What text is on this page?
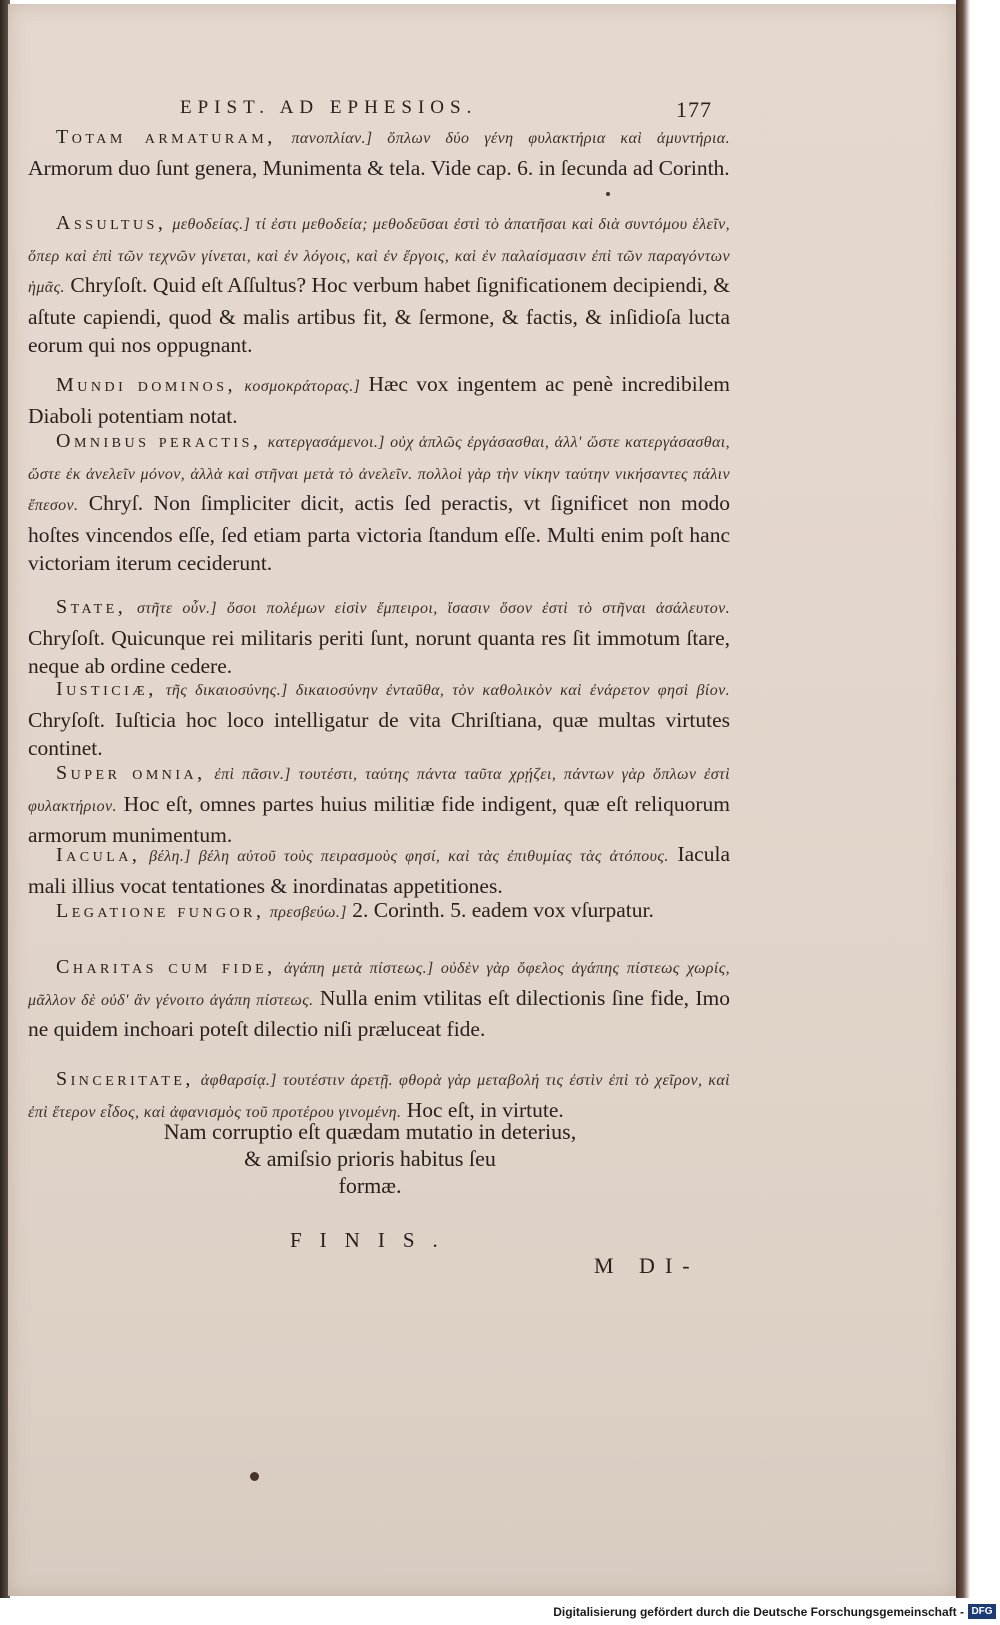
EPIST. AD EPHESIOS.	177
Totam armaturam, πανοπλίαν.] ὅπλων δύο γένη φυλακτήρια καὶ ἀμυντήρια. Armorum duo ſunt genera, Munimenta & tela. Vide cap. 6. in ſecunda ad Corinth.
Assultus, μεθοδείας.] τί ἐστι μεθοδεία; μεθοδεῦσαι ἐστὶ τὸ ἀπατῆσαι καὶ διὰ συντόμου ἑλεῖν, ὅπερ καὶ ἐπὶ τῶν τεχνῶν γίνεται, καὶ ἐν λόγοις, καὶ ἐν ἔργοις, καὶ ἐν παλαίσμασιν ἐπὶ τῶν παραγόντων ἡμᾶς. Chryſoſt. Quid eſt Aſſultus? Hoc verbum habet ſignificationem decipiendi, & aſtute capiendi, quod & malis artibus fit, & ſermone, & factis, & inſidioſa lucta eorum qui nos oppugnant.
Mundi dominos, κοσμοκράτορας.] Hæc vox ingentem ac penè incredibilem Diaboli potentiam notat.
Omnibus peractis, κατεργασάμενοι.] οὐχ ἁπλῶς ἐργάσασθαι, ἀλλ' ὥστε κατεργάσασθαι, ὥστε ἐκ ἀνελεῖν μόνον, ἀλλὰ καὶ στῆναι μετὰ τὸ ἀνελεῖν. πολλοὶ γὰρ τὴν νίκην ταύτην νικήσαντες πάλιν ἔπεσον. Chryſ. Non ſimpliciter dicit, actis ſed peractis, vt ſignificet non modo hoſtes vincendos eſſe, ſed etiam parta victoria ſtandum eſſe. Multi enim poſt hanc victoriam iterum ceciderunt.
State, στῆτε οὖν.] ὅσοι πολέμων εἰσὶν ἔμπειροι, ἴσασιν ὅσον ἐστὶ τὸ στῆναι ἀσάλευτον. Chryſoſt. Quicunque rei militaris periti ſunt, norunt quanta res ſit immotum ſtare, neque ab ordine cedere.
Iusticiæ, τῆς δικαιοσύνης.] δικαιοσύνην ἐνταῦθα, τὸν καθολικὸν καὶ ἐνάρετον φησὶ βίον. Chryſoſt. Iuſticia hoc loco intelligatur de vita Chriſtiana, quæ multas virtutes continet.
Super omnia, ἐπὶ πᾶσιν.] τουτέστι, ταύτης πάντα ταῦτα χρῄζει, πάντων γὰρ ὅπλων ἐστὶ φυλακτήριον. Hoc eſt, omnes partes huius militiæ fide indigent, quæ eſt reliquorum armorum munimentum.
Iacula, βέλη.] βέλη αὐτοῦ τοὺς πειρασμοὺς φησί, καὶ τὰς ἐπιθυμίας τὰς ἀτόπους. Iacula mali illius vocat tentationes & inordinatas appetitiones.
Legatione fungor, πρεσβεύω.] 2. Corinth. 5. eadem vox vſurpatur.
Charitas cum fide, ἀγάπη μετὰ πίστεως.] οὐδὲν γὰρ ὄφελος ἀγάπης πίστεως χωρίς, μᾶλλον δὲ οὐδ' ἂν γένοιτο ἀγάπη πίστεως. Nulla enim vtilitas eſt dilectionis ſine fide, Imo ne quidem inchoari poteſt dilectio niſi præluceat fide.
Sinceritate, ἀφθαρσίᾳ.] τουτέστιν ἀρετῇ. φθορὰ γὰρ μεταβολή τις ἐστὶν ἐπὶ τὸ χεῖρον, καὶ ἐπὶ ἕτερον εἶδος, καὶ ἀφανισμὸς τοῦ προτέρου γινομένη. Hoc eſt, in virtute.
Nam corruptio eſt quædam mutatio in deterius,
& amiſsio prioris habitus ſeu
formæ.
FINIS.
M DI-
Digitalisierung gefördert durch die Deutsche Forschungsgemeinschaft - DFG
